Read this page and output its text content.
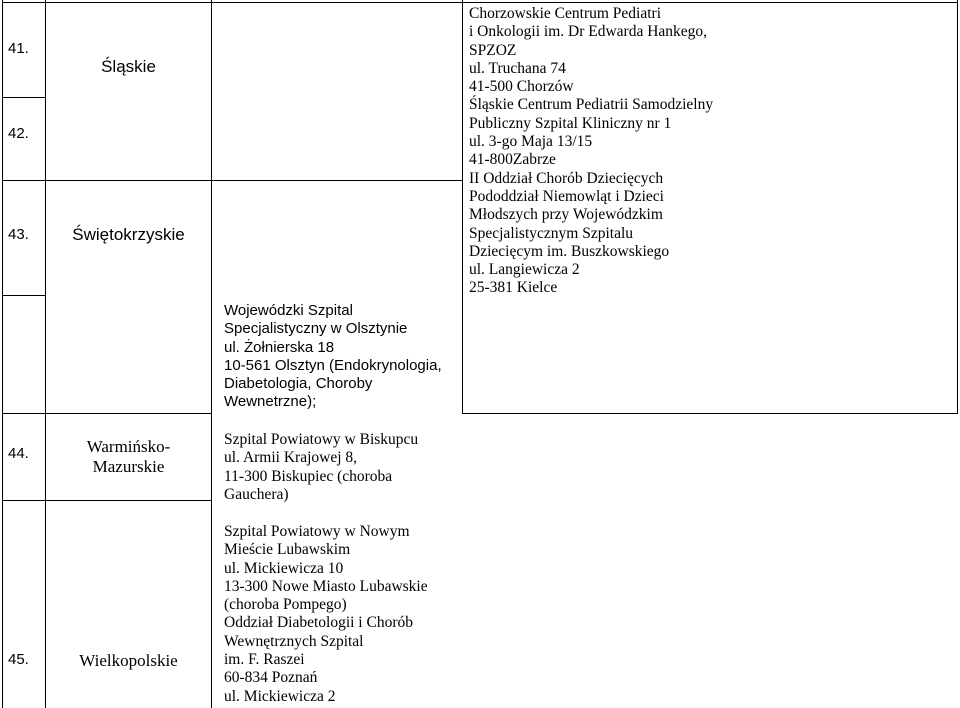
41.
42.
43.
44.
45.
Śląskie
Świętokrzyskie
Warmińsko-
Mazurskie
Wielkopolskie
Chorzowskie Centrum Pediatri
i Onkologii im. Dr Edwarda Hankego,
SPZOZ
ul. Truchana 74
41-500 Chorzów
Śląskie Centrum Pediatrii Samodzielny
Publiczny Szpital Kliniczny nr 1
ul. 3-go Maja 13/15
41-800Zabrze
II Oddział Chorób Dziecięcych
Pododdział Niemowląt i Dzieci
Młodszych przy Wojewódzkim
Specjalistycznym Szpitalu
Dziecięcym im. Buszkowskiego
ul. Langiewicza 2
25-381 Kielce
Wojewódzki Szpital
Specjalistyczny w Olsztynie
ul. Żołnierska 18
10-561 Olsztyn (Endokrynologia,
Diabetologia, Choroby
Wewnetrzne);
Szpital Powiatowy w Biskupcu
ul. Armii Krajowej 8,
11-300 Biskupiec (choroba
Gauchera)
Szpital Powiatowy w Nowym
Mieście Lubawskim
ul. Mickiewicza 10
13-300 Nowe Miasto Lubawskie
(choroba Pompego)
Oddział Diabetologii i Chorób
Wewnętrznych Szpital
im. F. Raszei
60-834 Poznań
ul. Mickiewicza 2
